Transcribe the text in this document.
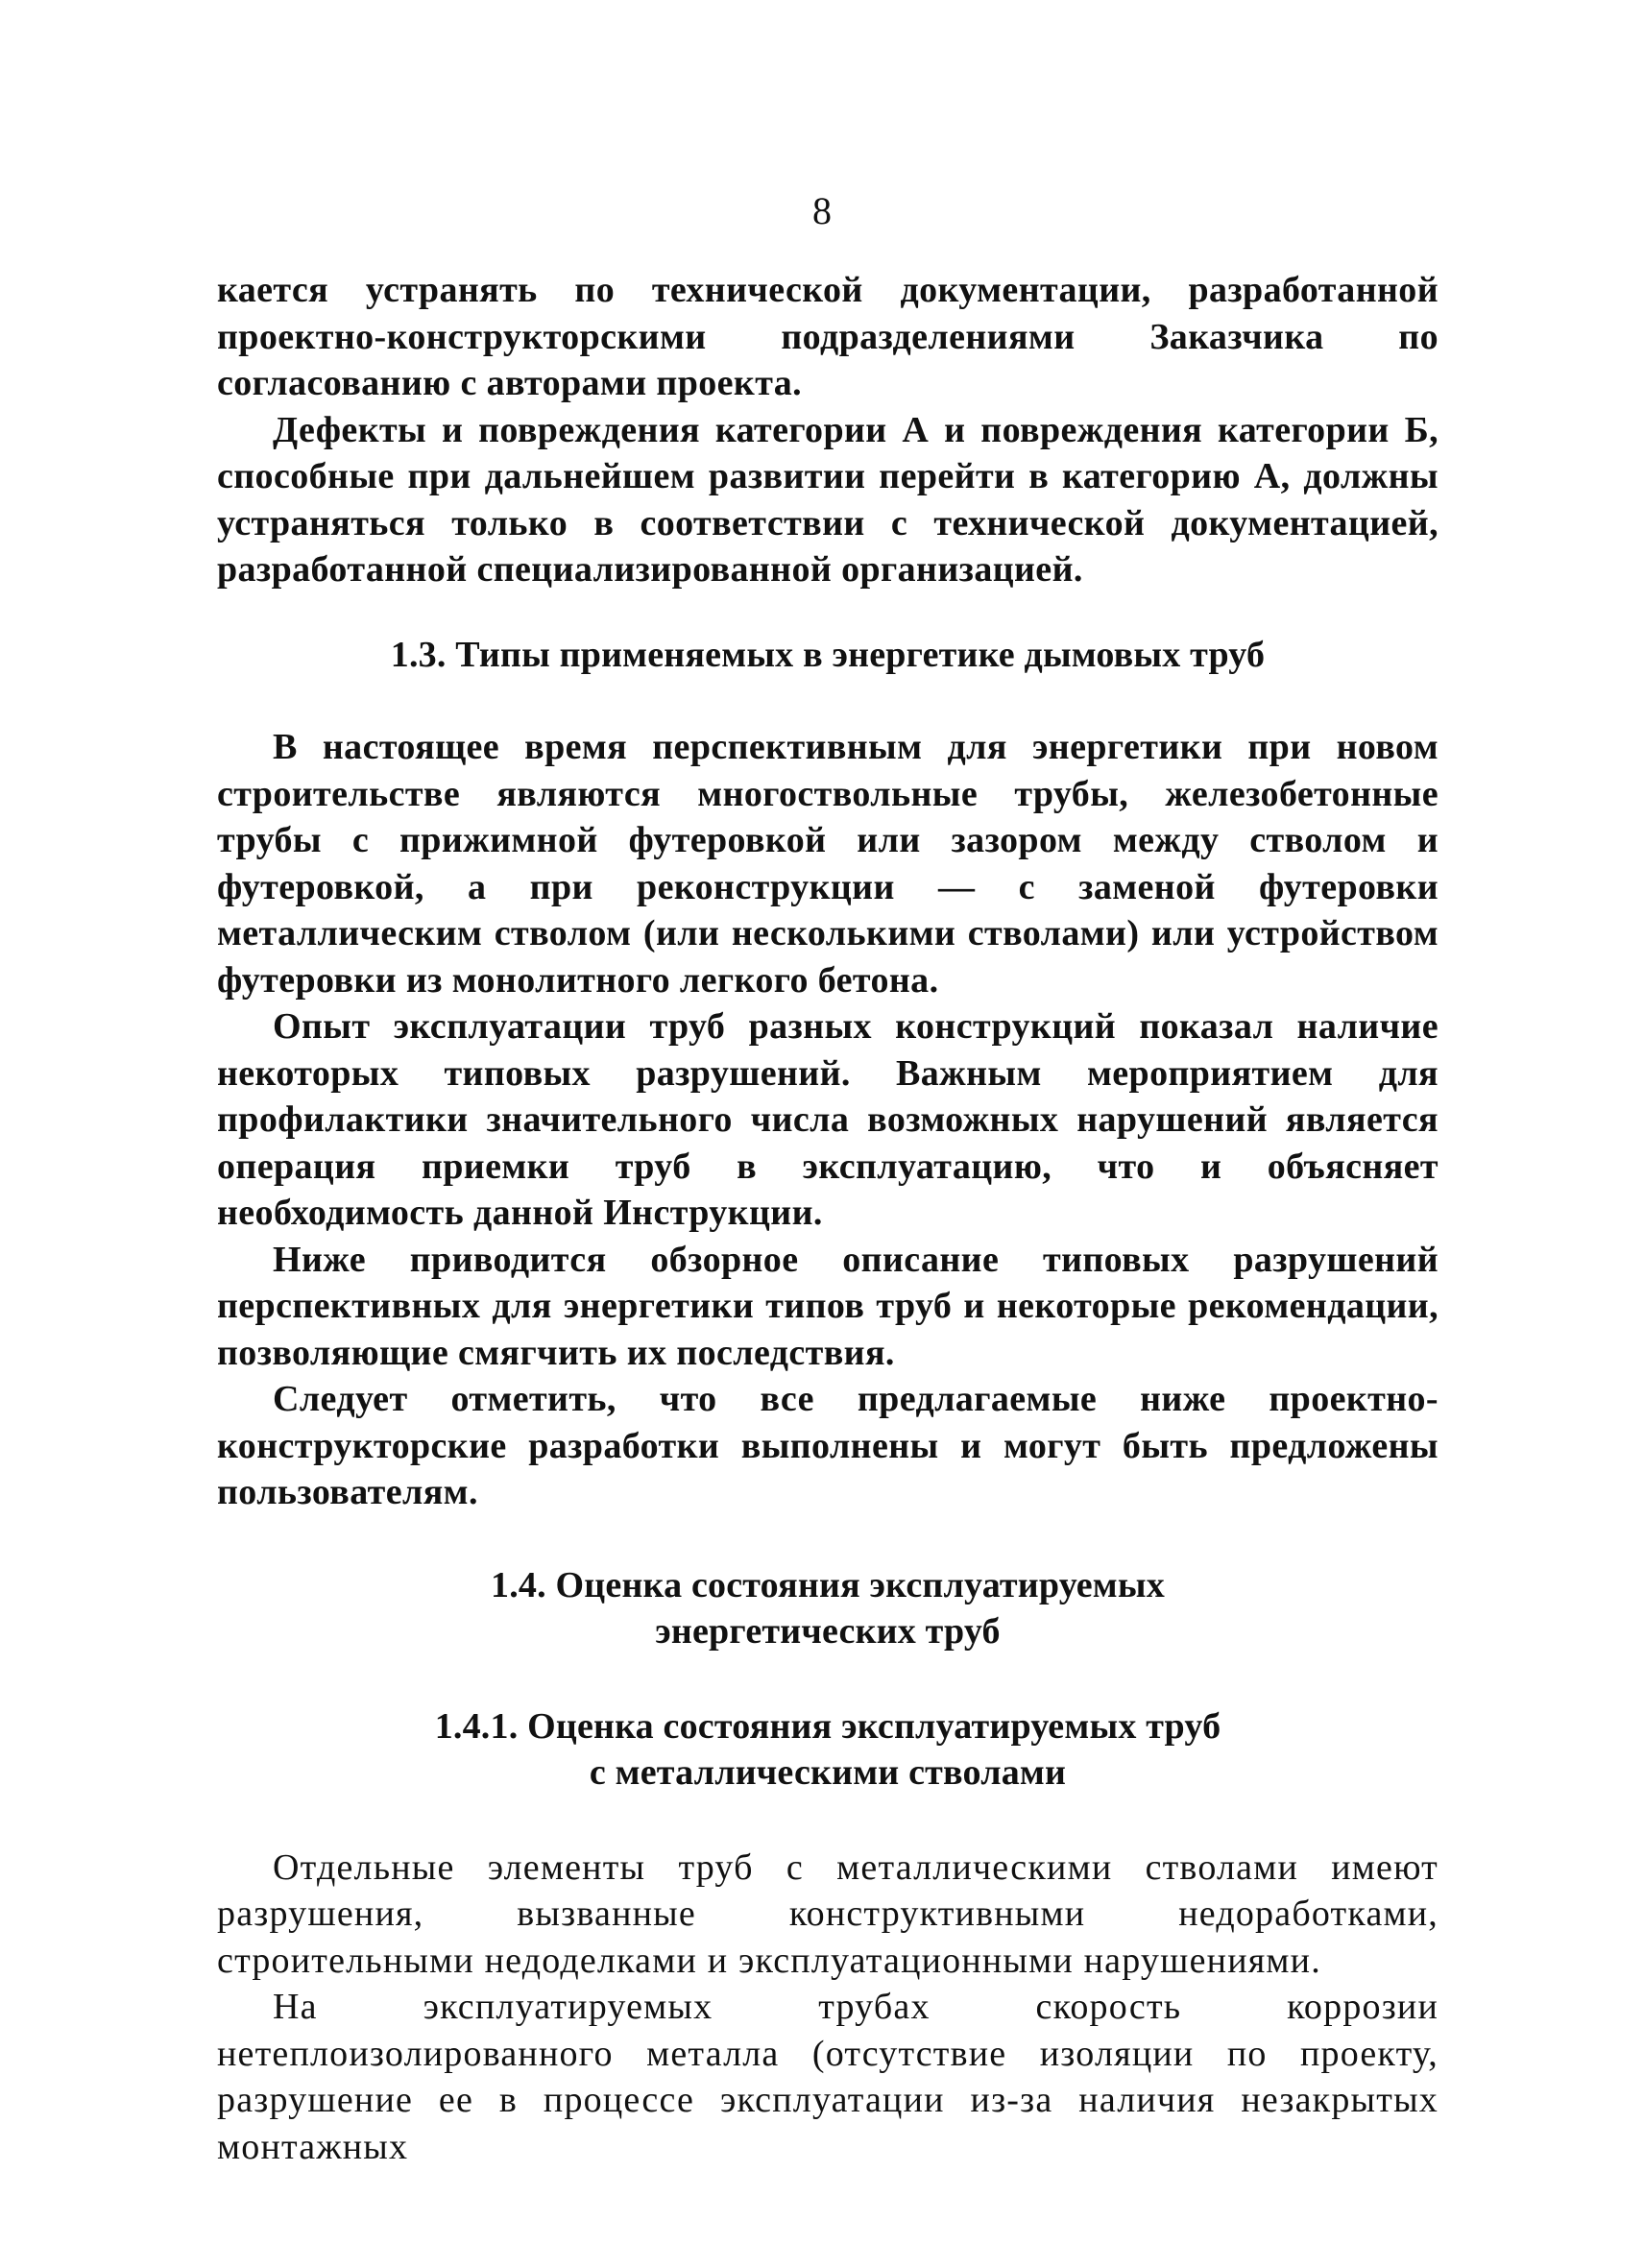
8

кается устранять по технической документации, разработанной проектно-конструкторскими подразделениями Заказчика по согласованию с авторами проекта.

Дефекты и повреждения категории А и повреждения категории Б, способные при дальнейшем развитии перейти в категорию А, должны устраняться только в соответствии с технической документацией, разработанной специализированной организацией.

1.3. Типы применяемых в энергетике дымовых труб

В настоящее время перспективным для энергетики при новом строительстве являются многоствольные трубы, железобетонные трубы с прижимной футеровкой или зазором между стволом и футеровкой, а при реконструкции — с заменой футеровки металлическим стволом (или несколькими стволами) или устройством футеровки из монолитного легкого бетона.

Опыт эксплуатации труб разных конструкций показал наличие некоторых типовых разрушений. Важным мероприятием для профилактики значительного числа возможных нарушений является операция приемки труб в эксплуатацию, что и объясняет необходимость данной Инструкции.

Ниже приводится обзорное описание типовых разрушений перспективных для энергетики типов труб и некоторые рекомендации, позволяющие смягчить их последствия.

Следует отметить, что все предлагаемые ниже проектно-конструкторские разработки выполнены и могут быть предложены пользователям.

1.4. Оценка состояния эксплуатируемых
энергетических труб
1.4.1. Оценка состояния эксплуатируемых труб
с металлическими стволами

Отдельные элементы труб с металлическими стволами имеют разрушения, вызванные конструктивными недоработками, строительными недоделками и эксплуатационными нарушениями.

На эксплуатируемых трубах скорость коррозии нетеплоизолированного металла (отсутствие изоляции по проекту, разрушение ее в процессе эксплуатации из-за наличия незакрытых монтажных
